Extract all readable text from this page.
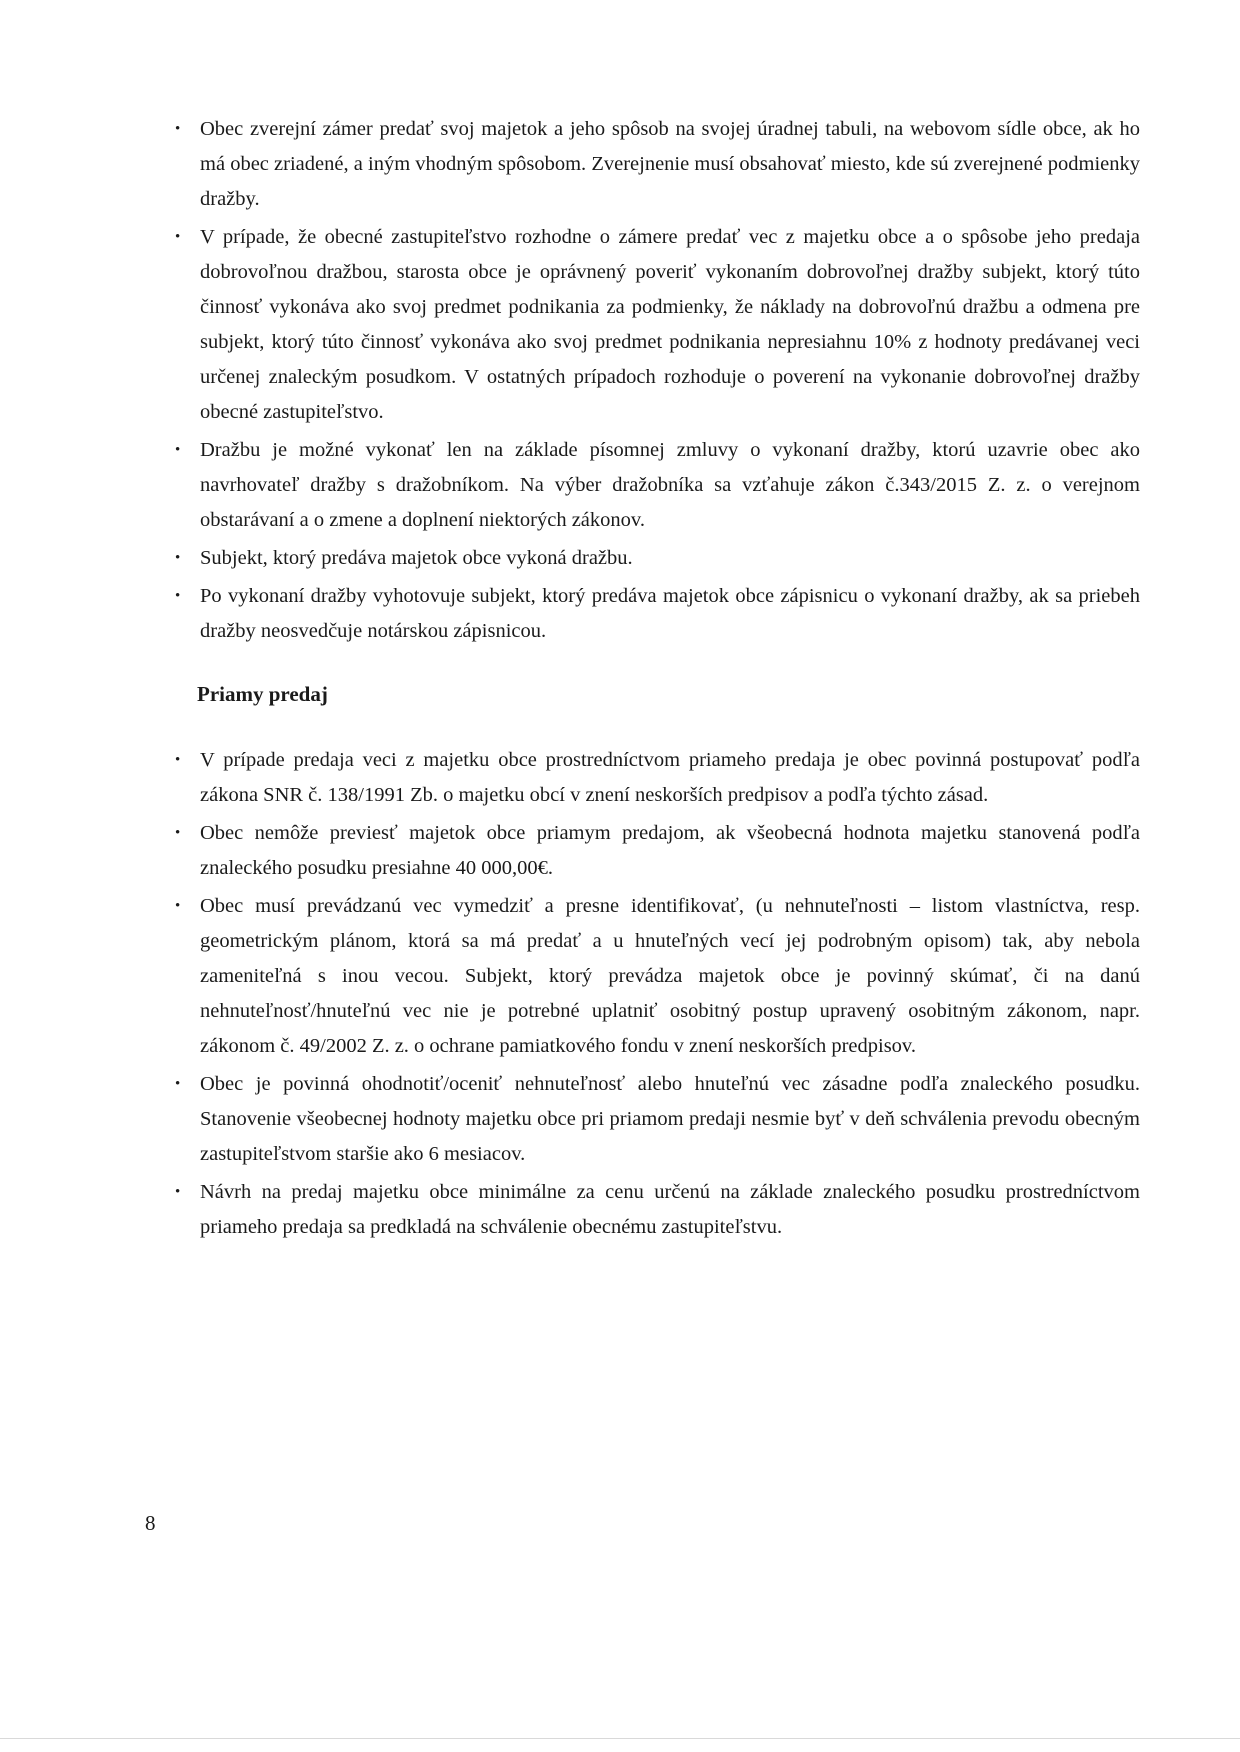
• Obec zverejní zámer predať svoj majetok a jeho spôsob na svojej úradnej tabuli, na webovom sídle obce, ak ho má obec zriadené, a iným vhodným spôsobom. Zverejnenie musí obsahovať miesto, kde sú zverejnené podmienky dražby.
• V prípade, že obecné zastupiteľstvo rozhodne o zámere predať vec z majetku obce a o spôsobe jeho predaja dobrovoľnou dražbou, starosta obce je oprávnený poveriť vykonaním dobrovoľnej dražby subjekt, ktorý túto činnosť vykonáva ako svoj predmet podnikania za podmienky, že náklady na dobrovoľnú dražbu a odmena pre subjekt, ktorý túto činnosť vykonáva ako svoj predmet podnikania nepresiahnu 10% z hodnoty predávanej veci určenej znaleckým posudkom. V ostatných prípadoch rozhoduje o poverení na vykonanie dobrovoľnej dražby obecné zastupiteľstvo.
• Dražbu je možné vykonať len na základe písomnej zmluvy o vykonaní dražby, ktorú uzavrie obec ako navrhovateľ dražby s dražobníkom. Na výber dražobníka sa vzťahuje zákon č.343/2015 Z. z. o verejnom obstarávaní a o zmene a doplnení niektorých zákonov.
• Subjekt, ktorý predáva majetok obce vykoná dražbu.
• Po vykonaní dražby vyhotovuje subjekt, ktorý predáva majetok obce zápisnicu o vykonaní dražby, ak sa priebeh dražby neosvedčuje notárskou zápisnicou.
Priamy predaj
• V prípade predaja veci z majetku obce prostredníctvom priameho predaja je obec povinná postupovať podľa zákona SNR č. 138/1991 Zb. o majetku obcí v znení neskorších predpisov a podľa týchto zásad.
• Obec nemôže previesť majetok obce priamym predajom, ak všeobecná hodnota majetku stanovená podľa znaleckého posudku presiahne 40 000,00€.
• Obec musí prevádzanú vec vymedziť a presne identifikovať, (u nehnuteľnosti – listom vlastníctva, resp. geometrickým plánom, ktorá sa má predať a u hnuteľných vecí jej podrobným opisom) tak, aby nebola zameniteľná s inou vecou. Subjekt, ktorý prevádza majetok obce je povinný skúmať, či na danú nehnuteľnosť/hnuteľnú vec nie je potrebné uplatniť osobitný postup upravený osobitným zákonom, napr. zákonom č. 49/2002 Z. z. o ochrane pamiatkového fondu v znení neskorších predpisov.
• Obec je povinná ohodnotiť/oceniť nehnuteľnosť alebo hnuteľnú vec zásadne podľa znaleckého posudku. Stanovenie všeobecnej hodnoty majetku obce pri priamom predaji nesmie byť v deň schválenia prevodu obecným zastupiteľstvom staršie ako 6 mesiacov.
• Návrh na predaj majetku obce minimálne za cenu určenú na základe znaleckého posudku prostredníctvom priameho predaja sa predkladá na schválenie obecnému zastupiteľstvu.
8
